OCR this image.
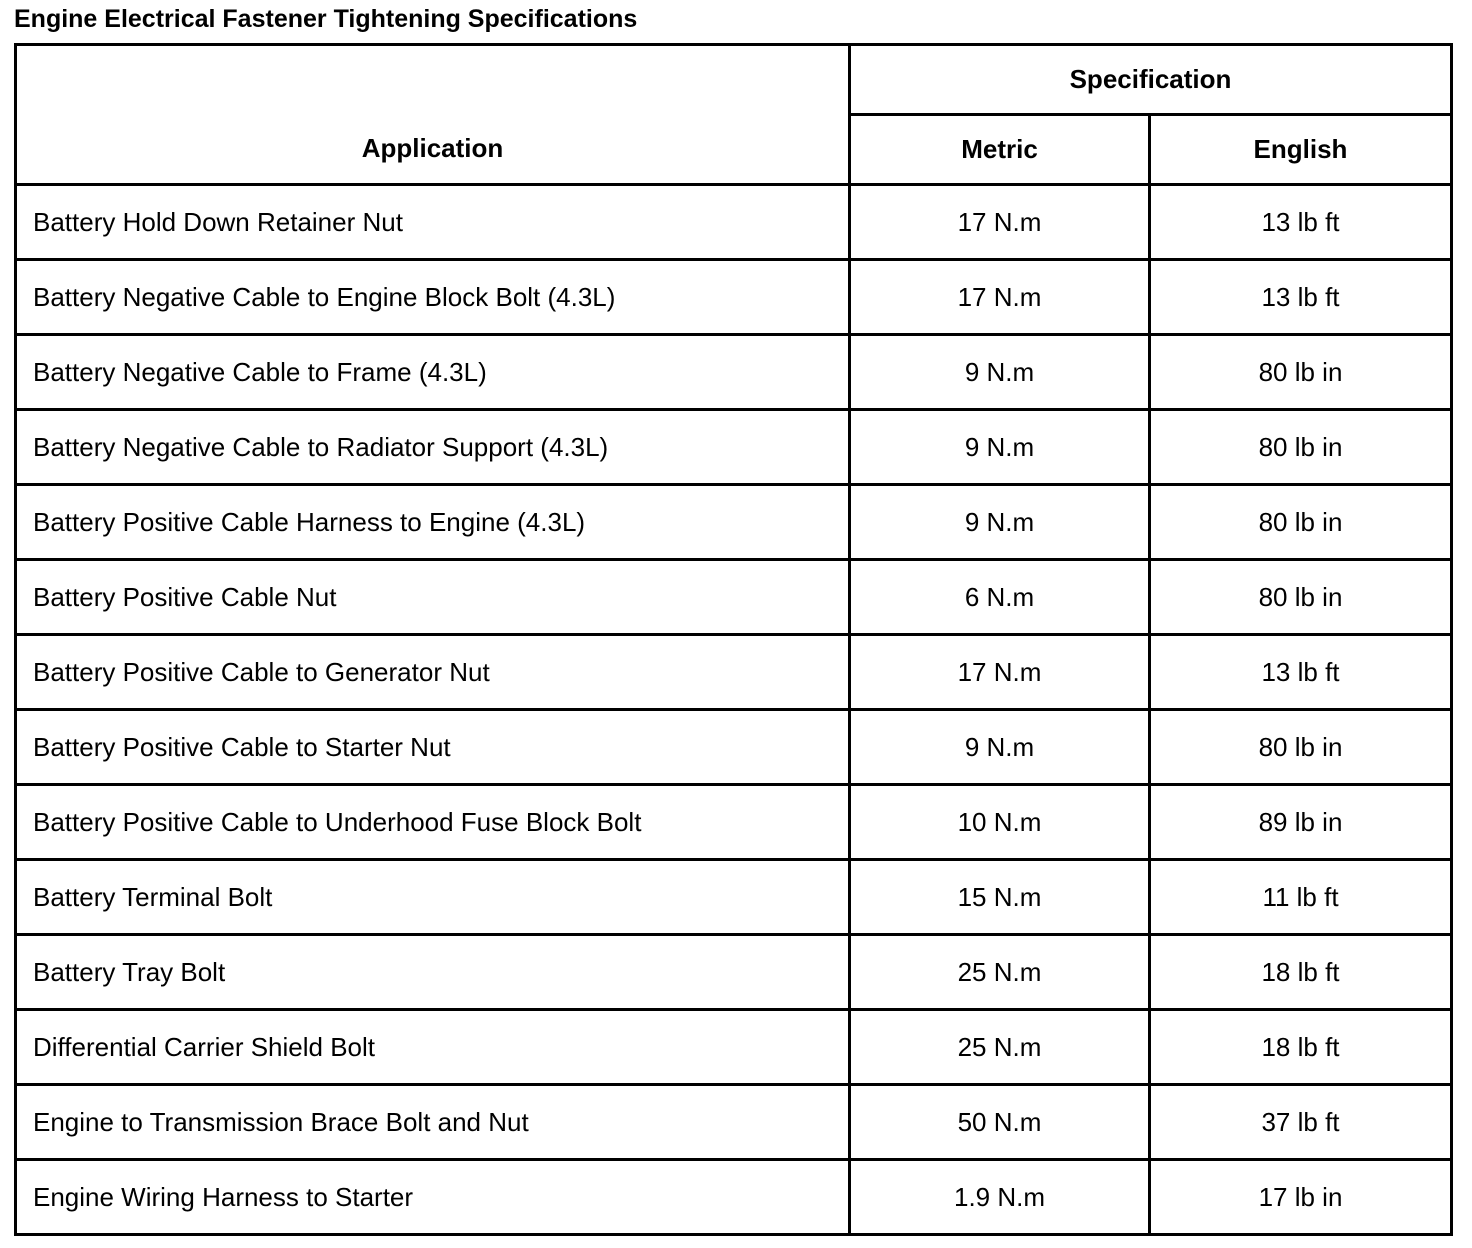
Engine Electrical Fastener Tightening Specifications
Application	Specification	
	Metric	English
Battery Hold Down Retainer Nut	17 N.m	13 lb ft
Battery Negative Cable to Engine Block Bolt (4.3L)	17 N.m	13 lb ft
Battery Negative Cable to Frame (4.3L)	9 N.m	80 lb in
Battery Negative Cable to Radiator Support (4.3L)	9 N.m	80 lb in
Battery Positive Cable Harness to Engine (4.3L)	9 N.m	80 lb in
Battery Positive Cable Nut	6 N.m	80 lb in
Battery Positive Cable to Generator Nut	17 N.m	13 lb ft
Battery Positive Cable to Starter Nut	9 N.m	80 lb in
Battery Positive Cable to Underhood Fuse Block Bolt	10 N.m	89 lb in
Battery Terminal Bolt	15 N.m	11 lb ft
Battery Tray Bolt	25 N.m	18 lb ft
Differential Carrier Shield Bolt	25 N.m	18 lb ft
Engine to Transmission Brace Bolt and Nut	50 N.m	37 lb ft
Engine Wiring Harness to Starter	1.9 N.m	17 lb in
